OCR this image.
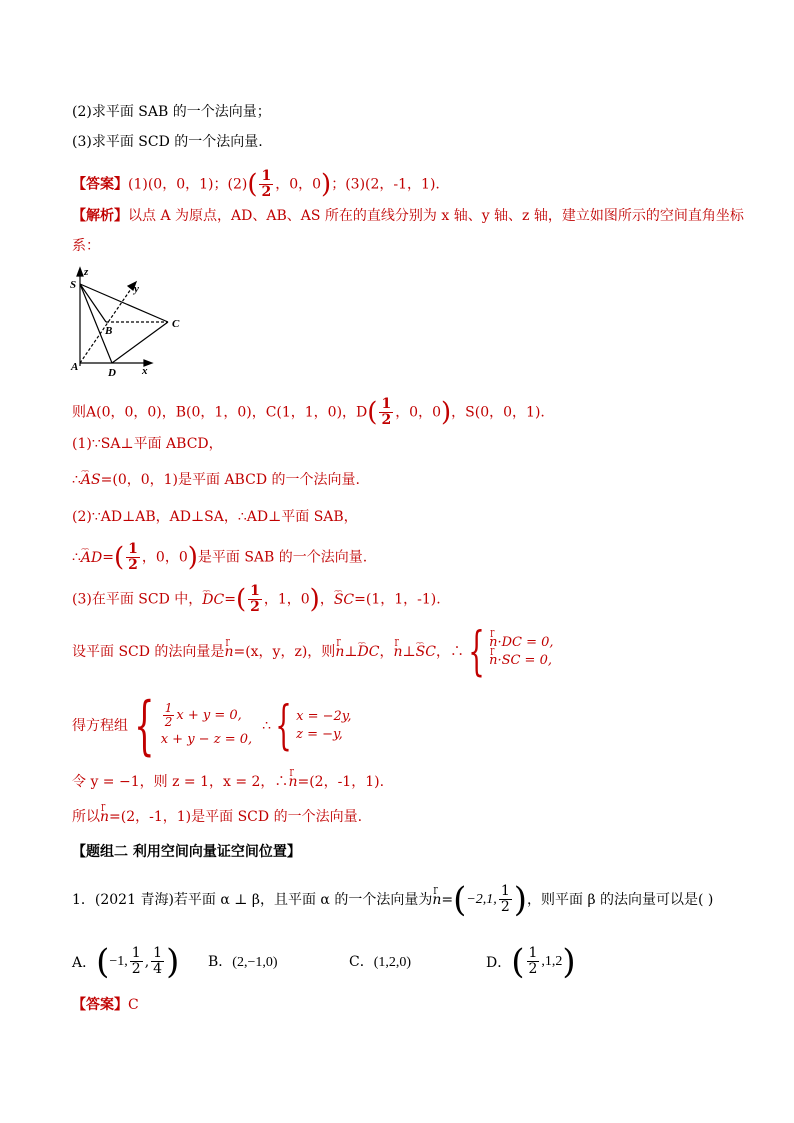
(2)求平面 SAB 的一个法向量；
(3)求平面 SCD 的一个法向量.
【答案】(1)(0，0，1)；$(2)( \frac{1}{2}$ ，0，0)；(3)(2，-1，1).
【解析】以点 A 为原点，AD、AB、AS 所在的直线分别为 x 轴、y 轴、z 轴，建立如图所示的空间直角坐标
系：
z
y
x
S
A
B
C
D
则A(0，0，0)，B(0，1，0)，C(1，1，0)，$D( \frac{1}{2}$ ，0，0)，S(0，0，1).
(1)∵SA⊥平面 ABCD，
∴⌢⌢ AS=(0，0，1)是平面 ABCD 的一个法向量.
(2)∵AD⊥AB，AD⊥SA，∴AD⊥平面 SAB，
∴⌢⌢ $AD=( \frac{1}{2}$ ，0，0)是平面 SAB 的一个法向量.
(3)在平面 SCD 中，⌢⌢ $DC=( \frac{1}{2}$ ，1，0)，⌢⌢ SC=(1，1，-1).
设平面 SCD 的法向量是 ɼ n =(x，y，z)，则 ɼ n ⊥ ⌢⌢ DC ， ɼ n ⊥ ⌢⌢ SC ，∴ { ɼ n·DC = 0,
ɼ n·SC = 0,
得方程组 { $\frac{1}{2}$ x + y = 0,
x + y − z = 0,
∴ { x = −2y,
z = −y,
令 y = −1，则 z = 1，x = 2，∴ɼ n=(2，-1，1).
所以ɼ n=(2，-1，1)是平面 SCD 的一个法向量.
【题组二 利用空间向量证空间位置】
1．(2021 青海)若平面 α ⊥ β，且平面 α 的一个法向量为 ɼ n = ( −2,1, $\frac{1}{2}$ ) ，则平面 β 的法向量可以是( )
A． ( −1, $\frac{1}{2}$ , $\frac{1}{4}$ ) B．(2,−1,0)	C．(1,2,0)	D． ( $\frac{1}{2} ,1,2$ )
【答案】C
